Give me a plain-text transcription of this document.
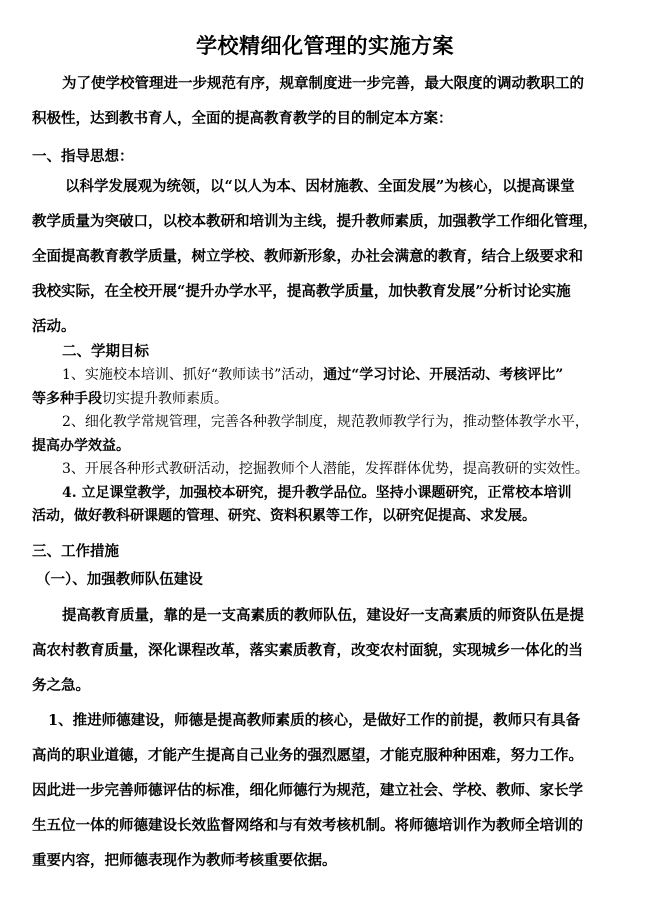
学校精细化管理的实施方案
为了使学校管理进一步规范有序，规章制度进一步完善，最大限度的调动教职工的
积极性，达到教书育人，全面的提高教育教学的目的制定本方案：
一、指导思想：
以科学发展观为统领，以“以人为本、因材施教、全面发展”为核心，以提高课堂
教学质量为突破口，以校本教研和培训为主线，提升教师素质，加强教学工作细化管理，
全面提高教育教学质量，树立学校、教师新形象，办社会满意的教育，结合上级要求和
我校实际，在全校开展“提升办学水平，提高教学质量，加快教育发展”分析讨论实施
活动。
二、学期目标
1、实施校本培训、抓好“教师读书”活动，通过“学习讨论、开展活动、考核评比”
等多种手段切实提升教师素质。
2、细化教学常规管理，完善各种教学制度，规范教师教学行为，推动整体教学水平，
提高办学效益。
3、开展各种形式教研活动，挖掘教师个人潜能，发挥群体优势，提高教研的实效性。
4. 立足课堂教学，加强校本研究，提升教学品位。坚持小课题研究，正常校本培训
活动，做好教科研课题的管理、研究、资料积累等工作，以研究促提高、求发展。
三、工作措施
（一）、加强教师队伍建设
提高教育质量，靠的是一支高素质的教师队伍，建设好一支高素质的师资队伍是提
高农村教育质量，深化课程改革，落实素质教育，改变农村面貌，实现城乡一体化的当
务之急。
1、推进师德建设，师德是提高教师素质的核心，是做好工作的前提，教师只有具备
高尚的职业道德，才能产生提高自己业务的强烈愿望，才能克服种种困难，努力工作。
因此进一步完善师德评估的标准，细化师德行为规范，建立社会、学校、教师、家长学
生五位一体的师德建设长效监督网络和与有效考核机制。将师德培训作为教师全培训的
重要内容，把师德表现作为教师考核重要依据。
